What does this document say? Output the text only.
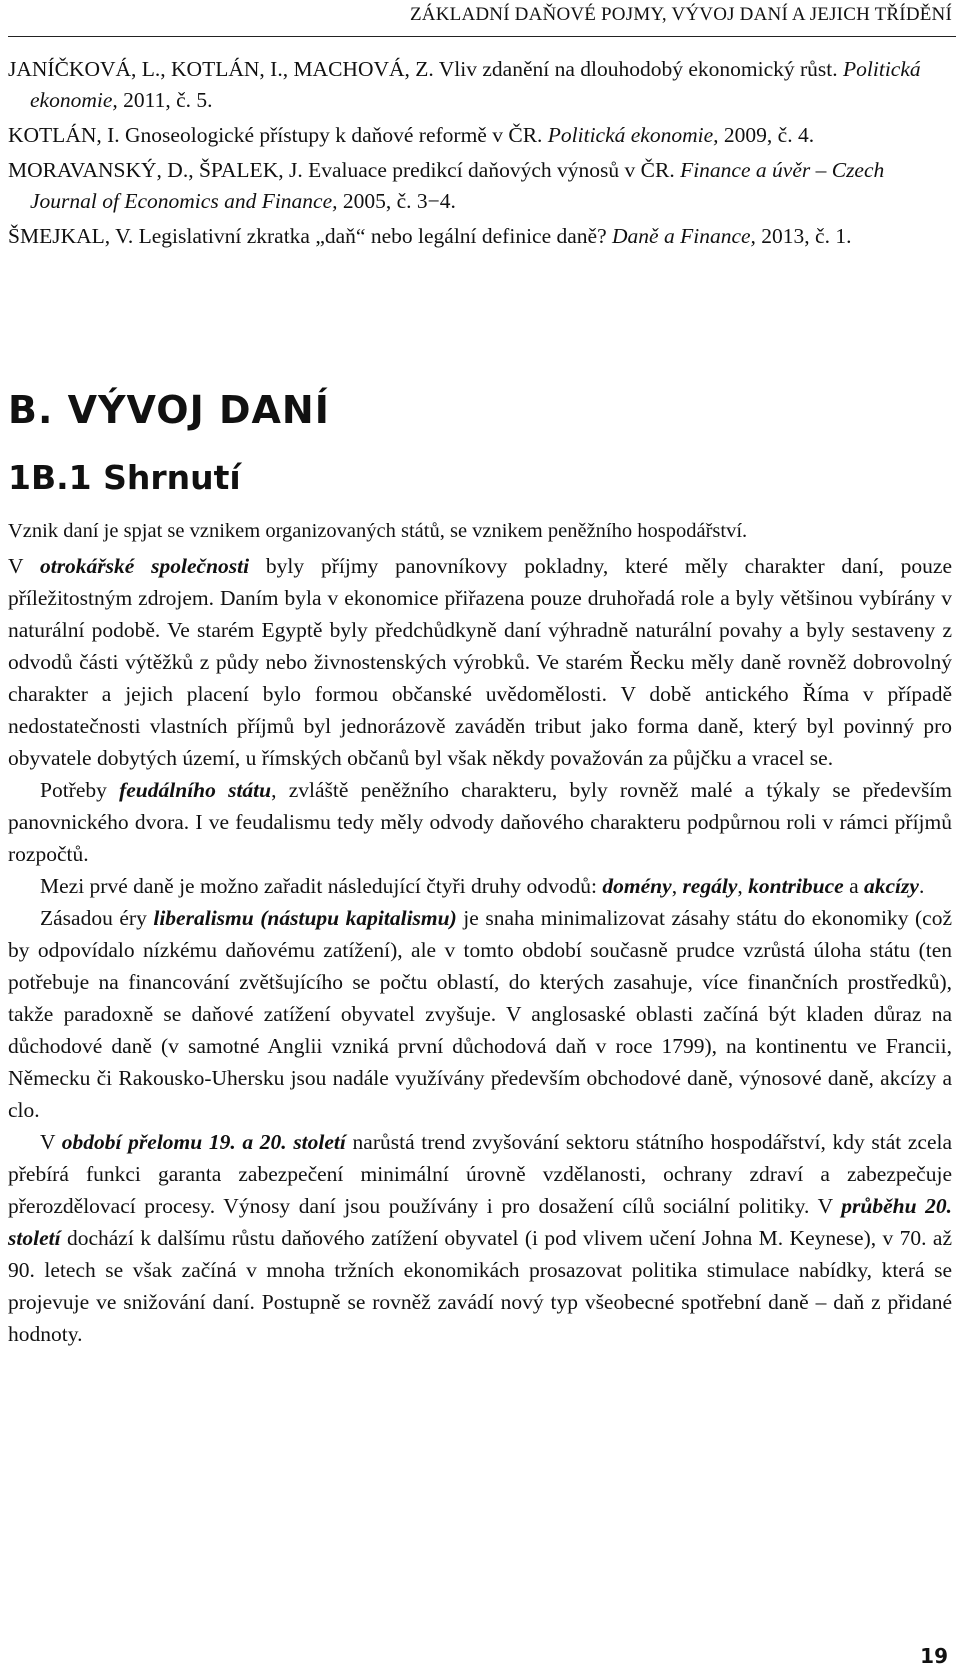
ZÁKLADNÍ DAŇOVÉ POJMY, VÝVOJ DANÍ A JEJICH TŘÍDĚNÍ

JANÍČKOVÁ, L., KOTLÁN, I., MACHOVÁ, Z. Vliv zdanění na dlouhodobý ekonomický růst. Politická ekonomie, 2011, č. 5.

KOTLÁN, I. Gnoseologické přístupy k daňové reformě v ČR. Politická ekonomie, 2009, č. 4.

MORAVANSKÝ, D., ŠPALEK, J. Evaluace predikcí daňových výnosů v ČR. Finance a úvěr – Czech Journal of Economics and Finance, 2005, č. 3−4.

ŠMEJKAL, V. Legislativní zkratka „daň“ nebo legální definice daně? Daně a Finance, 2013, č. 1.

B. VÝVOJ DANÍ
1B.1 Shrnutí

Vznik daní je spjat se vznikem organizovaných států, se vznikem peněžního hospodářství.

V otrokářské společnosti byly příjmy panovníkovy pokladny, které měly charakter daní, pouze příležitostným zdrojem. Daním byla v ekonomice přiřazena pouze druhořadá role a byly většinou vybírány v naturální podobě. Ve starém Egyptě byly předchůdkyně daní výhradně naturální povahy a byly sestaveny z odvodů části výtěžků z půdy nebo živnostenských výrobků. Ve starém Řecku měly daně rovněž dobrovolný charakter a jejich placení bylo formou občanské uvědomělosti. V době antického Říma v případě nedostatečnosti vlastních příjmů byl jednorázově zaváděn tribut jako forma daně, který byl povinný pro obyvatele dobytých území, u římských občanů byl však někdy považován za půjčku a vracel se.

Potřeby feudálního státu, zvláště peněžního charakteru, byly rovněž malé a týkaly se především panovnického dvora. I ve feudalismu tedy měly odvody daňového charakteru podpůrnou roli v rámci příjmů rozpočtů.

Mezi prvé daně je možno zařadit následující čtyři druhy odvodů: domény, regály, kontribuce a akcízy.

Zásadou éry liberalismu (nástupu kapitalismu) je snaha minimalizovat zásahy státu do ekonomiky (což by odpovídalo nízkému daňovému zatížení), ale v tomto období současně prudce vzrůstá úloha státu (ten potřebuje na financování zvětšujícího se počtu oblastí, do kterých zasahuje, více finančních prostředků), takže paradoxně se daňové zatížení obyvatel zvyšuje. V anglosaské oblasti začíná být kladen důraz na důchodové daně (v samotné Anglii vzniká první důchodová daň v roce 1799), na kontinentu ve Francii, Německu či Rakousko-Uhersku jsou nadále využívány především obchodové daně, výnosové daně, akcízy a clo.

V období přelomu 19. a 20. století narůstá trend zvyšování sektoru státního hospodářství, kdy stát zcela přebírá funkci garanta zabezpečení minimální úrovně vzdělanosti, ochrany zdraví a zabezpečuje přerozdělovací procesy. Výnosy daní jsou používány i pro dosažení cílů sociální politiky. V průběhu 20. století dochází k dalšímu růstu daňového zatížení obyvatel (i pod vlivem učení Johna M. Keynese), v 70. až 90. letech se však začíná v mnoha tržních ekonomikách prosazovat politika stimulace nabídky, která se projevuje ve snižování daní. Postupně se rovněž zavádí nový typ všeobecné spotřební daně – daň z přidané hodnoty.

19
